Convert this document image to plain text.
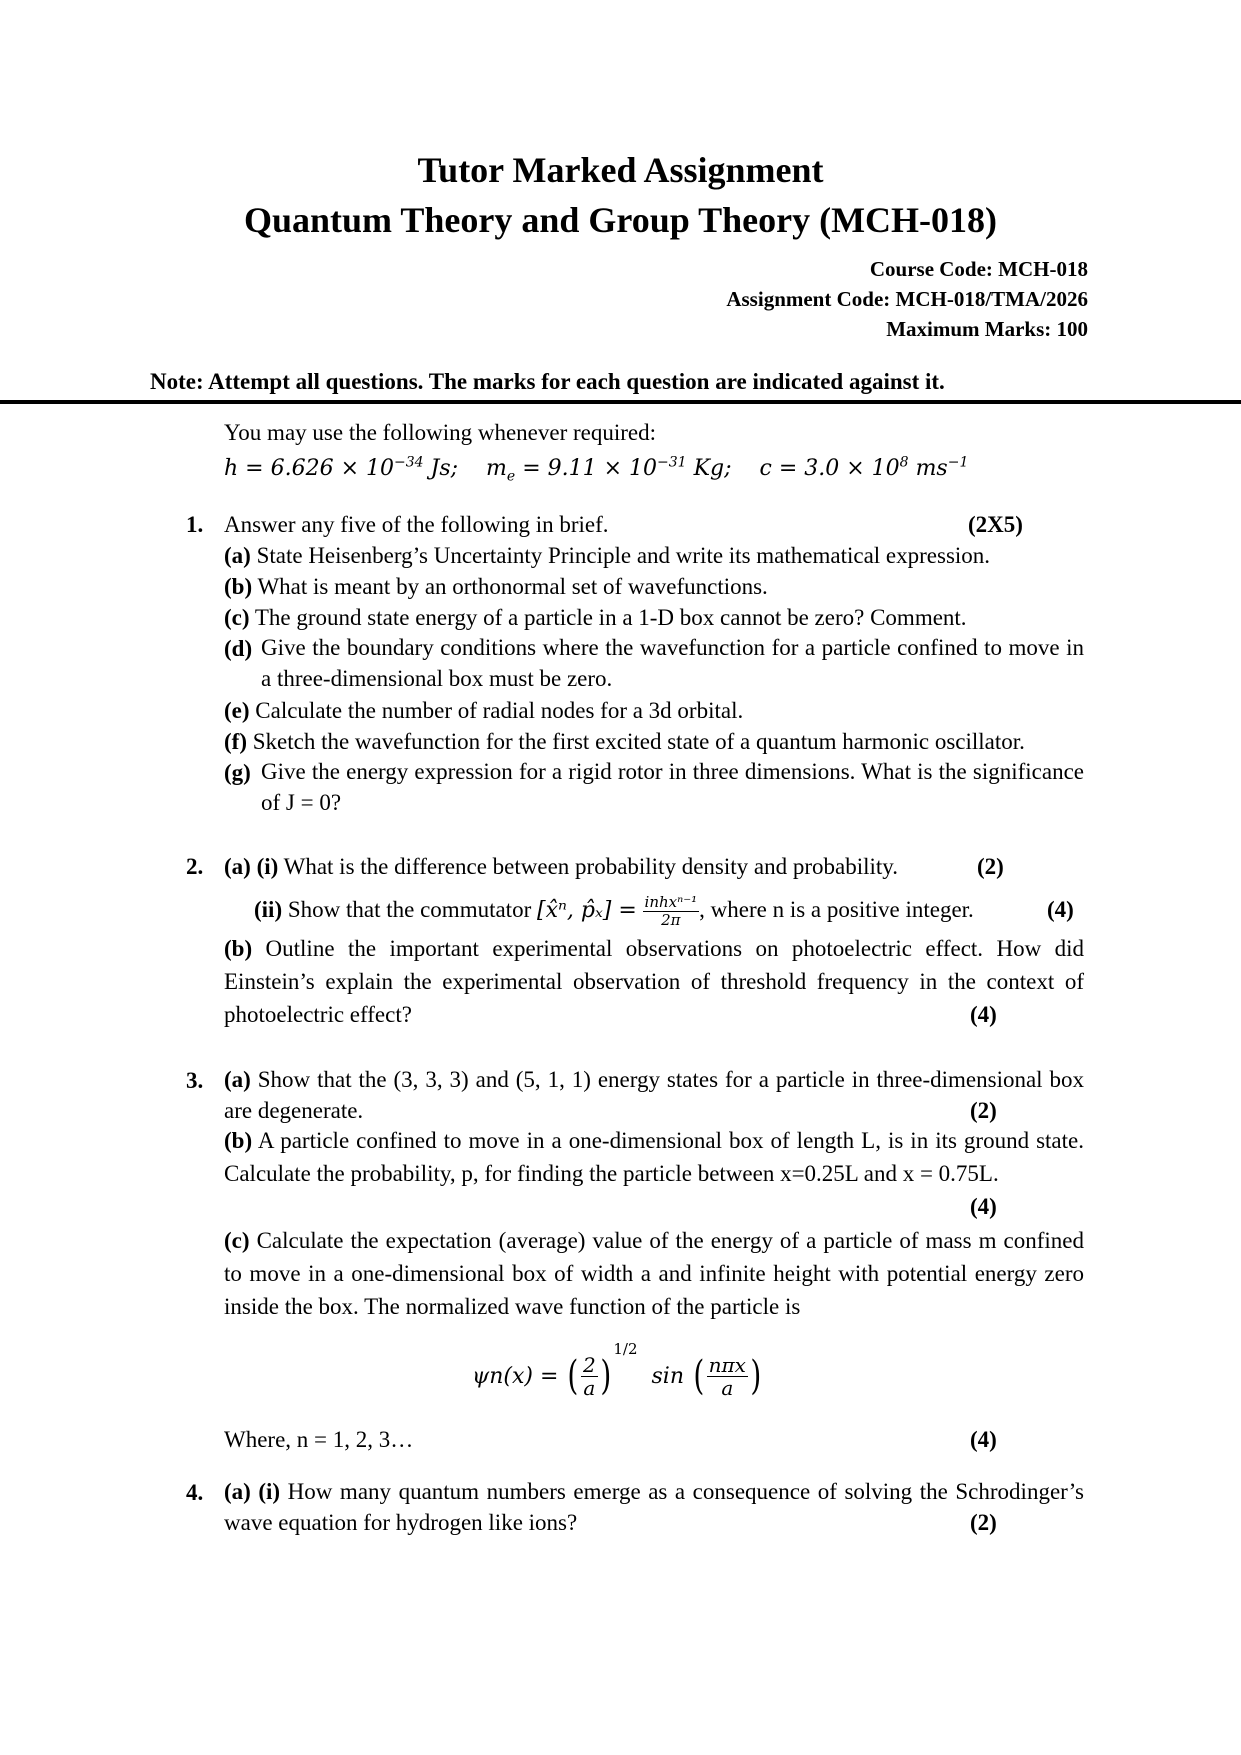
Tutor Marked Assignment
Quantum Theory and Group Theory (MCH-018)
Course Code: MCH-018
Assignment Code: MCH-018/TMA/2026
Maximum Marks: 100
Note: Attempt all questions. The marks for each question are indicated against it.
You may use the following whenever required:
$h = 6.626 \times 10^{-34}$ Js; $m_e = 9.11 \times 10^{-31}$ Kg; $c = 3.0 \times 10^8$ $ms^{-1}$
1. Answer any five of the following in brief.	(2X5)
(a) State Heisenberg’s Uncertainty Principle and write its mathematical expression.
(b) What is meant by an orthonormal set of wavefunctions.
(c) The ground state energy of a particle in a 1-D box cannot be zero? Comment.
(d) Give the boundary conditions where the wavefunction for a particle confined to move in a three-dimensional box must be zero.
(e) Calculate the number of radial nodes for a 3d orbital.
(f) Sketch the wavefunction for the first excited state of a quantum harmonic oscillator.
(g) Give the energy expression for a rigid rotor in three dimensions. What is the significance of J = 0?
2. (a) (i) What is the difference between probability density and probability.	(2)
(ii) Show that the commutator [x̂ⁿ, p̂ₓ] = $\frac{\text{inhxⁿ⁻¹}}{2\pi}$ , where n is a positive integer.	(4)
(b) Outline the important experimental observations on photoelectric effect. How did Einstein’s explain the experimental observation of threshold frequency in the context of photoelectric effect?	(4)
3. (a) Show that the (3, 3, 3) and (5, 1, 1) energy states for a particle in three-dimensional box are degenerate.	(2)
(b) A particle confined to move in a one-dimensional box of length L, is in its ground state. Calculate the probability, p, for finding the particle between x=0.25L and x = 0.75L.
(4)
(c) Calculate the expectation (average) value of the energy of a particle of mass m confined to move in a one-dimensional box of width a and infinite height with potential energy zero inside the box. The normalized wave function of the particle is
ψn(x) = ( $\frac{2}{a} )^{1/2}$  sin ( $\frac{\text{nπx}}{a}$ )
Where, n = 1, 2, 3…	(4)
4. (a) (i) How many quantum numbers emerge as a consequence of solving the Schrodinger’s wave equation for hydrogen like ions?	(2)
